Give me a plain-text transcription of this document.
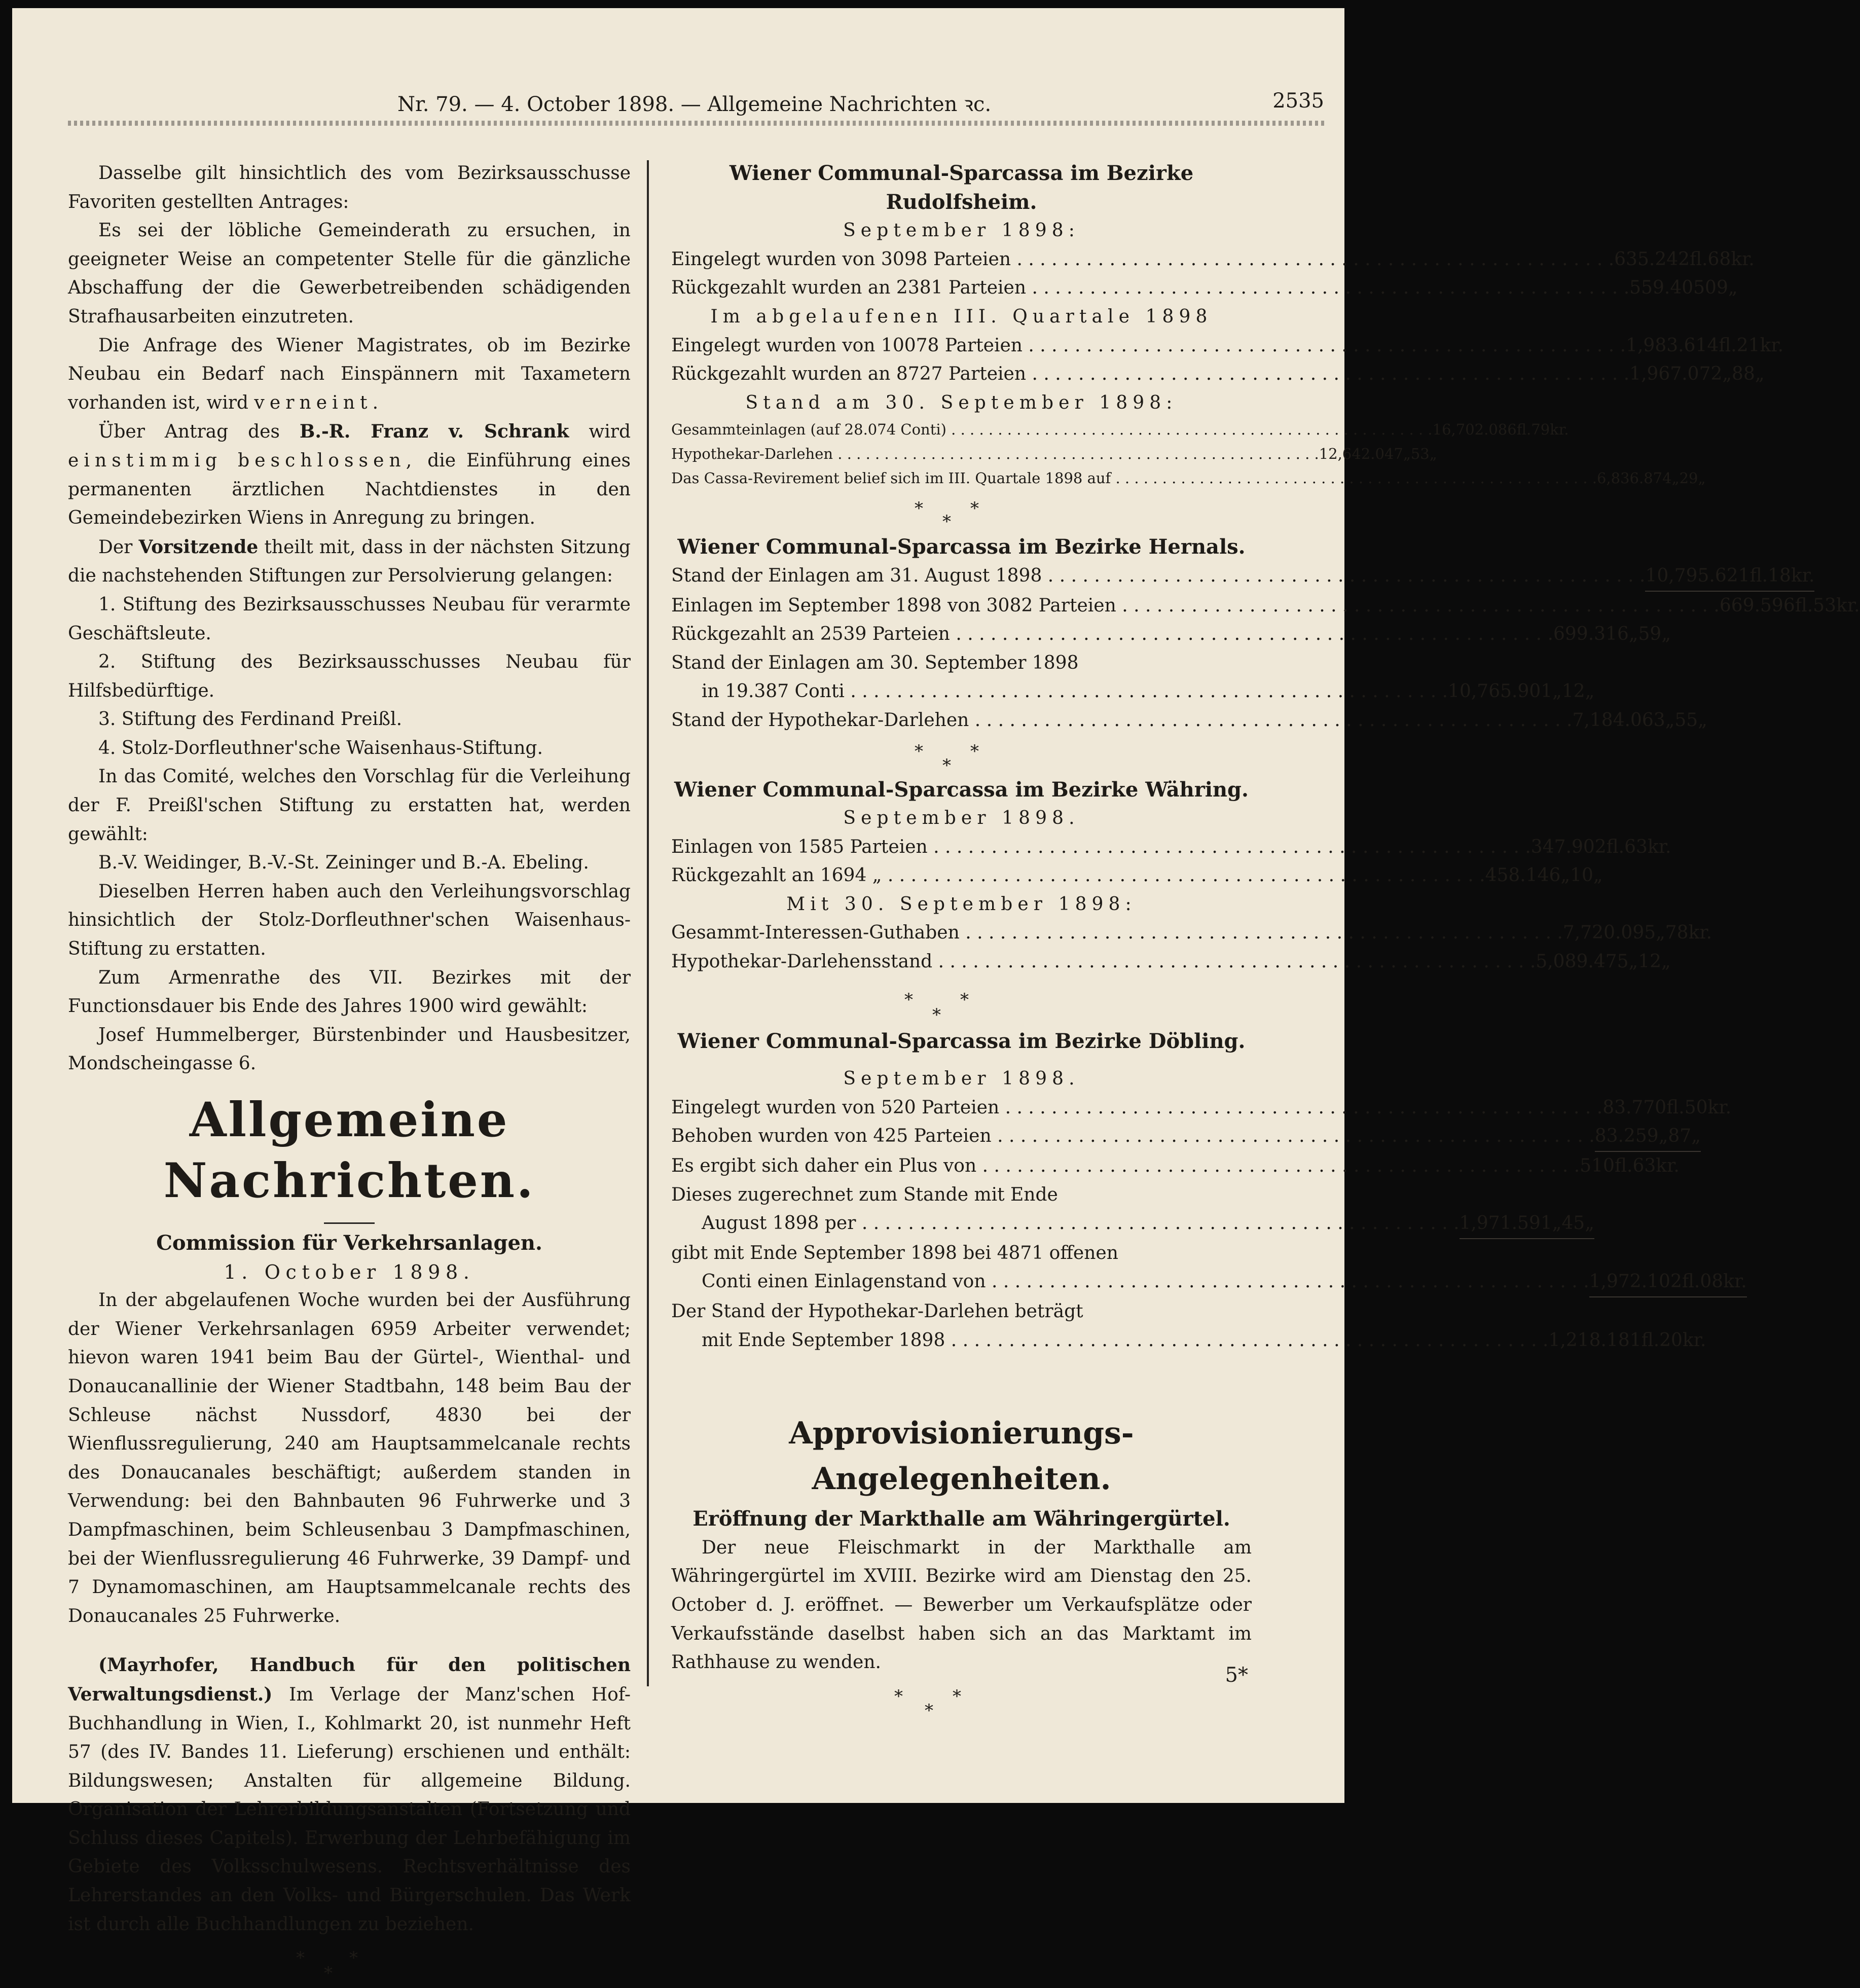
Nr. 79. — 4. October 1898. — Allgemeine Nachrichten ꝛc.	2535

Dasselbe gilt hinsichtlich des vom Bezirksausschusse Favoriten gestellten Antrages:

Es sei der löbliche Gemeinderath zu ersuchen, in geeigneter Weise an competenter Stelle für die gänzliche Abschaffung der die Gewerbetreibenden schädigenden Strafhausarbeiten einzutreten.

Die Anfrage des Wiener Magistrates, ob im Bezirke Neubau ein Bedarf nach Einspännern mit Taxametern vorhanden ist, wird verneint.

Über Antrag des B.-R. Franz v. Schrank wird einstimmig beschlossen, die Einführung eines permanenten ärztlichen Nachtdienstes in den Gemeindebezirken Wiens in Anregung zu bringen.

Der Vorsitzende theilt mit, dass in der nächsten Sitzung die nachstehenden Stiftungen zur Persolvierung gelangen:

1. Stiftung des Bezirksausschusses Neubau für verarmte Geschäftsleute.

2. Stiftung des Bezirksausschusses Neubau für Hilfsbedürftige.

3. Stiftung des Ferdinand Preißl.

4. Stolz-Dorfleuthner'sche Waisenhaus-Stiftung.

In das Comité, welches den Vorschlag für die Verleihung der F. Preißl'schen Stiftung zu erstatten hat, werden gewählt:

B.-V. Weidinger, B.-V.-St. Zeininger und B.-A. Ebeling.

Dieselben Herren haben auch den Verleihungsvorschlag hinsichtlich der Stolz-Dorfleuthner'schen Waisenhaus-Stiftung zu erstatten.

Zum Armenrathe des VII. Bezirkes mit der Functionsdauer bis Ende des Jahres 1900 wird gewählt:

Josef Hummelberger, Bürstenbinder und Hausbesitzer, Mondscheingasse 6.

Allgemeine Nachrichten.
Commission für Verkehrsanlagen.
1. October 1898.

In der abgelaufenen Woche wurden bei der Ausführung der Wiener Verkehrsanlagen 6959 Arbeiter verwendet; hievon waren 1941 beim Bau der Gürtel-, Wienthal- und Donaucanallinie der Wiener Stadtbahn, 148 beim Bau der Schleuse nächst Nussdorf, 4830 bei der Wienflussregulierung, 240 am Hauptsammelcanale rechts des Donaucanales beschäftigt; außerdem standen in Verwendung: bei den Bahnbauten 96 Fuhrwerke und 3 Dampfmaschinen, beim Schleusenbau 3 Dampfmaschinen, bei der Wienflussregulierung 46 Fuhrwerke, 39 Dampf- und 7 Dynamomaschinen, am Hauptsammelcanale rechts des Donaucanales 25 Fuhrwerke.

(Mayrhofer, Handbuch für den politischen Verwaltungsdienst.) Im Verlage der Manz'schen Hof-Buchhandlung in Wien, I., Kohlmarkt 20, ist nunmehr Heft 57 (des IV. Bandes 11. Lieferung) erschienen und enthält: Bildungswesen; Anstalten für allgemeine Bildung. Organisation der Lehrerbildungsanstalten (Fortsetzung und Schluss dieses Capitels). Erwerbung der Lehrbefähigung im Gebiete des Volksschulwesens. Rechtsverhältnisse des Lehrerstandes an den Volks- und Bürgerschulen. Das Werk ist durch alle Buchhandlungen zu beziehen.

*	*
*
Wiener Communal-Sparcassa im Bezirke Rudolfsheim.
September 1898:
Eingelegt wurden von 3098 Parteien . . .	635.242 fl. 68 kr.
Rückgezahlt wurden an 2381 Parteien . . .	559.405 09 „
Im abgelaufenen III. Quartale 1898
Eingelegt wurden von 10078 Parteien . . .	1,983.614 fl. 21 kr.
Rückgezahlt wurden an 8727 Parteien . . .	1,967.072 „ 88 „
Stand am 30. September 1898:
Gesammteinlagen (auf 28.074 Conti) . . .	16,702.086 fl. 79 kr.
Hypothekar-Darlehen . . .	12,642.047 „ 53 „
Das Cassa-Revirement belief sich im III. Quartale 1898 auf . . .	6,836.874 „ 29 „
*	*
*
Wiener Communal-Sparcassa im Bezirke Hernals.
Stand der Einlagen am 31. August 1898 . . .	10,795.621 fl. 18 kr.
Einlagen im September 1898 von 3082 Parteien . . .	669.596 fl. 53 kr.
Rückgezahlt an 2539 Parteien . . .	699.316 „ 59 „
Stand der Einlagen am 30. September 1898
in 19.387 Conti . . .	10,765.901 „ 12 „
Stand der Hypothekar-Darlehen . . .	7,184.063 „ 55 „
*	*
*
Wiener Communal-Sparcassa im Bezirke Währing.
September 1898.
Einlagen von 1585 Parteien . . .	347.902 fl. 63 kr.
Rückgezahlt an 1694 „ . . .	458.146 „ 10 „
Mit 30. September 1898:
Gesammt-Interessen-Guthaben . . .	7,720.095 „ 78 kr.
Hypothekar-Darlehensstand . . .	5,089.475 „ 12 „
*	*
*
Wiener Communal-Sparcassa im Bezirke Döbling.
September 1898.
Eingelegt wurden von 520 Parteien . . .	83.770 fl. 50 kr.
Behoben wurden von 425 Parteien . . .	83.259 „ 87 „
Es ergibt sich daher ein Plus von . . .	510 fl. 63 kr.
Dieses zugerechnet zum Stande mit Ende
August 1898 per . . .	1,971.591 „ 45 „
gibt mit Ende September 1898 bei 4871 offenen
Conti einen Einlagenstand von . . .	1,972.102 fl. 08 kr.
Der Stand der Hypothekar-Darlehen beträgt
mit Ende September 1898 . . .	1,218.181 fl. 20 kr.
Approvisionierungs-Angelegenheiten.
Eröffnung der Markthalle am Währingergürtel.

Der neue Fleischmarkt in der Markthalle am Währingergürtel im XVIII. Bezirke wird am Dienstag den 25. October d. J. eröffnet. — Bewerber um Verkaufsplätze oder Verkaufsstände daselbst haben sich an das Marktamt im Rathhause zu wenden.

*	*
*
5*
